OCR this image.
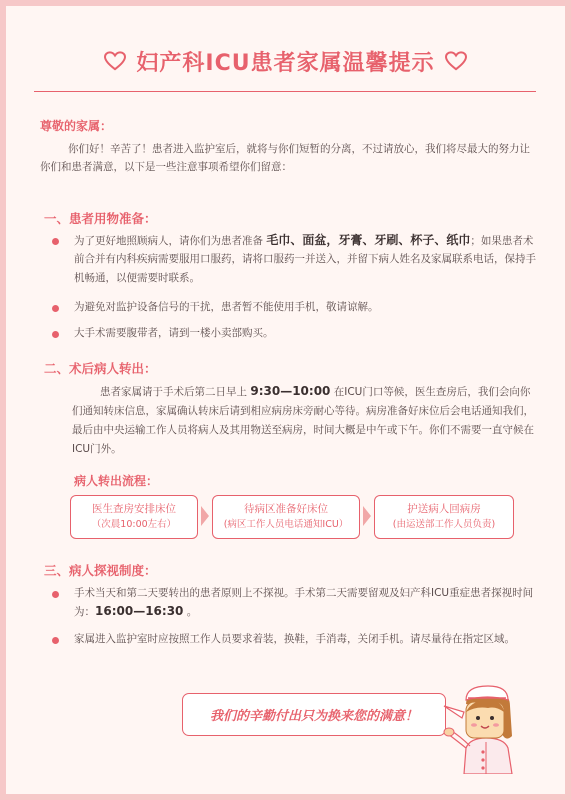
妇产科ICU患者家属温馨提示
尊敬的家属：
你们好！辛苦了！患者进入监护室后，就将与你们短暂的分离，不过请放心，我们将尽最大的努力让你们和患者满意，以下是一些注意事项希望你们留意：
一、患者用物准备：
为了更好地照顾病人，请你们为患者准备 毛巾、面盆，牙膏、牙刷、杯子、纸巾；如果患者术前合并有内科疾病需要服用口服药，请将口服药一并送入，并留下病人姓名及家属联系电话，保持手机畅通，以便需要时联系。
为避免对监护设备信号的干扰，患者暂不能使用手机，敬请谅解。
大手术需要腹带者，请到一楼小卖部购买。
二、术后病人转出：
患者家属请于手术后第二日早上 9:30—10:00 在ICU门口等候，医生查房后，我们会向你们通知转床信息，家属确认转床后请到相应病房床旁耐心等待。病房准备好床位后会电话通知我们，最后由中央运输工作人员将病人及其用物送至病房，时间大概是中午或下午。你们不需要一直守候在ICU门外。
病人转出流程：
医生查房安排床位
（次晨10:00左右）
待病区准备好床位
(病区工作人员电话通知ICU）
护送病人回病房
(由运送部工作人员负责)
三、病人探视制度：
手术当天和第二天要转出的患者原则上不探视。手术第二天需要留观及妇产科ICU重症患者探视时间为：16:00—16:30 。
家属进入监护室时应按照工作人员要求着装，换鞋，手消毒，关闭手机。请尽量待在指定区域。
我们的辛勤付出只为换来您的满意！
